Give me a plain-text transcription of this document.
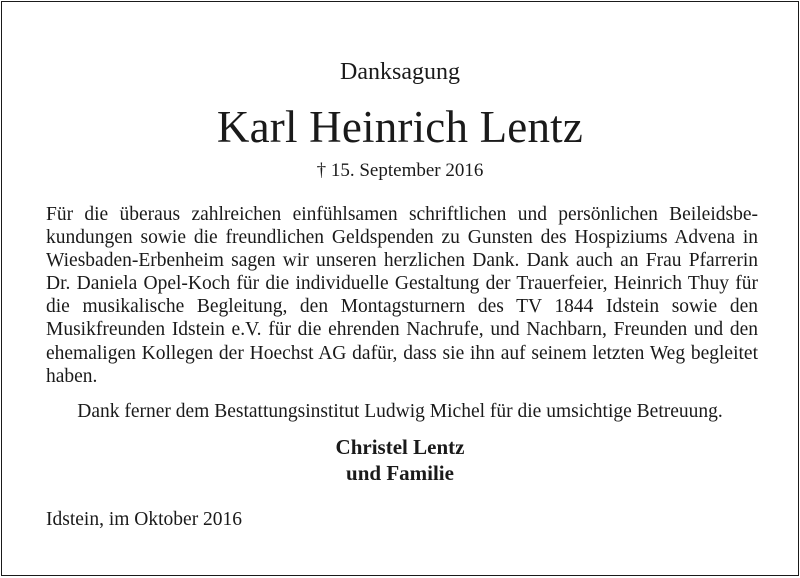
Danksagung
Karl Heinrich Lentz
† 15. September 2016

Für die überaus zahlreichen einfühlsamen schriftlichen und persönlichen Beileidsbekundungen sowie die freundlichen Geldspenden zu Gunsten des Hospiziums Advena in Wiesbaden-Erbenheim sagen wir unseren herzlichen Dank. Dank auch an Frau Pfarrerin Dr. Daniela Opel-Koch für die individuelle Gestaltung der Trauerfeier, Heinrich Thuy für die musikalische Begleitung, den Montagsturnern des TV 1844 Idstein sowie den Musikfreunden Idstein e.V. für die ehrenden Nachrufe, und Nachbarn, Freunden und den ehemaligen Kollegen der Hoechst AG dafür, dass sie ihn auf seinem letzten Weg begleitet haben.

Dank ferner dem Bestattungsinstitut Ludwig Michel für die umsichtige Betreuung.
Christel Lentz
und Familie
Idstein, im Oktober 2016
